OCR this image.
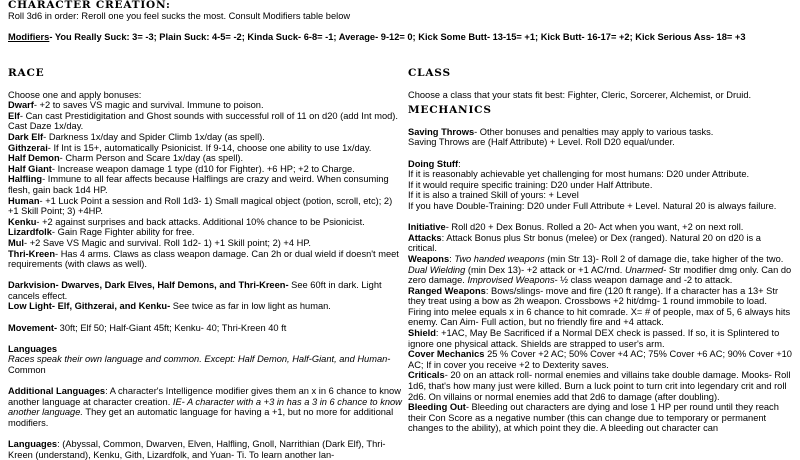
CHARACTER CREATION:

Roll 3d6 in order: Reroll one you feel sucks the most. Consult Modifiers table below

Modifiers- You Really Suck: 3= -3; Plain Suck: 4-5= -2; Kinda Suck- 6-8= -1; Average- 9-12= 0; Kick Some Butt- 13-15= +1; Kick Butt- 16-17= +2; Kick Serious Ass- 18= +3

RACE

Choose one and apply bonuses:

Dwarf- +2 to saves VS magic and survival. Immune to poison.

Elf- Can cast Prestidigitation and Ghost sounds with successful roll of 11 on d20 (add Int mod). Cast Daze 1x/day.

Dark Elf- Darkness 1x/day and Spider Climb 1x/day (as spell).

Githzerai- If Int is 15+, automatically Psionicist. If 9-14, choose one ability to use 1x/day.

Half Demon- Charm Person and Scare 1x/day (as spell).

Half Giant- Increase weapon damage 1 type (d10 for Fighter). +6 HP; +2 to Charge.

Halfling- Immune to all fear affects because Halflings are crazy and weird. When consuming flesh, gain back 1d4 HP.

Human- +1 Luck Point a session and Roll 1d3- 1) Small magical object (potion, scroll, etc); 2) +1 Skill Point; 3) +4HP.

Kenku- +2 against surprises and back attacks. Additional 10% chance to be Psionicist.

Lizardfolk- Gain Rage Fighter ability for free.

Mul- +2 Save VS Magic and survival. Roll 1d2- 1) +1 Skill point; 2) +4 HP.

Thri-Kreen- Has 4 arms. Claws as class weapon damage. Can 2h or dual wield if doesn't meet requirements (with claws as well).

Darkvision- Dwarves, Dark Elves, Half Demons, and Thri-Kreen- See 60ft in dark. Light cancels effect.

Low Light- Elf, Githzerai, and Kenku- See twice as far in low light as human.

Movement- 30ft; Elf 50; Half-Giant 45ft; Kenku- 40; Thri-Kreen 40 ft

Languages

Races speak their own language and common. Except: Half Demon, Half-Giant, and Human- Common

Additional Languages: A character's Intelligence modifier gives them an x in 6 chance to know another language at character creation. IE- A character with a +3 in has a 3 in 6 chance to know another language. They get an automatic language for having a +1, but no more for additional modifiers.

Languages: (Abyssal, Common, Dwarven, Elven, Halfling, Gnoll, Narrithian (Dark Elf), Thri-Kreen (understand), Kenku, Gith, Lizardfolk, and Yuan- Ti. To learn another lan-

CLASS

Choose a class that your stats fit best: Fighter, Cleric, Sorcerer, Alchemist, or Druid.

MECHANICS

Saving Throws- Other bonuses and penalties may apply to various tasks.

Saving Throws are (Half Attribute) + Level. Roll D20 equal/under.

Doing Stuff:

If it is reasonably achievable yet challenging for most humans: D20 under Attribute.

If it would require specific training: D20 under Half Attribute.

If it is also a trained Skill of yours: + Level

If you have Double-Training: D20 under Full Attribute + Level. Natural 20 is always failure.

Initiative- Roll d20 + Dex Bonus. Rolled a 20- Act when you want, +2 on next roll.

Attacks: Attack Bonus plus Str bonus (melee) or Dex (ranged). Natural 20 on d20 is a critical.

Weapons: Two handed weapons (min Str 13)- Roll 2 of damage die, take higher of the two. Dual Wielding (min Dex 13)- +2 attack or +1 AC/rnd. Unarmed- Str modifier dmg only. Can do zero damage. Improvised Weapons- ½ class weapon damage and -2 to attack.

Ranged Weapons: Bows/slings- move and fire (120 ft range). If a character has a 13+ Str they treat using a bow as 2h weapon. Crossbows +2 hit/dmg- 1 round immobile to load. Firing into melee equals x in 6 chance to hit comrade. X= # of people, max of 5, 6 always hits enemy. Can Aim- Full action, but no friendly fire and +4 attack.

Shield: +1AC, May Be Sacrificed if a Normal DEX check is passed. If so, it is Splintered to ignore one physical attack. Shields are strapped to user's arm.

Cover Mechanics 25 % Cover +2 AC; 50% Cover +4 AC; 75% Cover +6 AC; 90% Cover +10 AC; If in cover you receive +2 to Dexterity saves.

Criticals- 20 on an attack roll- normal enemies and villains take double damage. Mooks- Roll 1d6, that's how many just were killed. Burn a luck point to turn crit into legendary crit and roll 2d6. On villains or normal enemies add that 2d6 to damage (after doubling).

Bleeding Out- Bleeding out characters are dying and lose 1 HP per round until they reach their Con Score as a negative number (this can change due to temporary or permanent changes to the ability), at which point they die. A bleeding out character can
